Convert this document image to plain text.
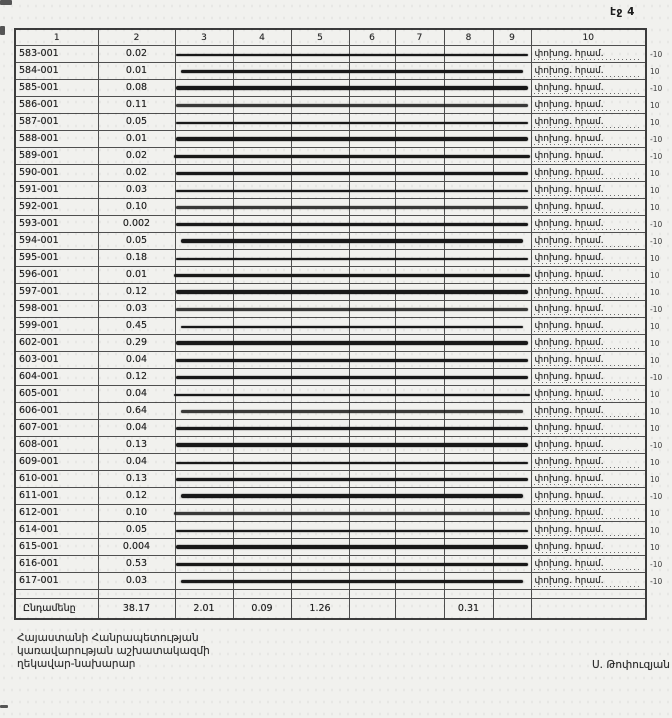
էջ 4
1	2	3	4	5	6	7	8	9	10
583-001	0.02								փոխոց. հրամ.
584-001	0.01								փոխոց. հրամ.
585-001	0.08								փոխոց. հրամ.
586-001	0.11								փոխոց. հրամ.
587-001	0.05								փոխոց. հրամ.
588-001	0.01								փոխոց. հրամ.
589-001	0.02								փոխոց. հրամ.
590-001	0.02								փոխոց. հրամ.
591-001	0.03								փոխոց. հրամ.
592-001	0.10								փոխոց. հրամ.
593-001	0.002								փոխոց. հրամ.
594-001	0.05								փոխոց. հրամ.
595-001	0.18								փոխոց. հրամ.
596-001	0.01								փոխոց. հրամ.
597-001	0.12								փոխոց. հրամ.
598-001	0.03								փոխոց. հրամ.
599-001	0.45								փոխոց. հրամ.
602-001	0.29								փոխոց. հրամ.
603-001	0.04								փոխոց. հրամ.
604-001	0.12								փոխոց. հրամ.
605-001	0.04								փոխոց. հրամ.
606-001	0.64								փոխոց. հրամ.
607-001	0.04								փոխոց. հրամ.
608-001	0.13								փոխոց. հրամ.
609-001	0.04								փոխոց. հրամ.
610-001	0.13								փոխոց. հրամ.
611-001	0.12								փոխոց. հրամ.
612-001	0.10								փոխոց. հրամ.
614-001	0.05								փոխոց. հրամ.
615-001	0.004								փոխոց. հրամ.
616-001	0.53								փոխոց. հրամ.
617-001	0.03								փոխոց. հրամ.

Ընդամենը	38.17	2.01	0.09	1.26			0.31		
-10
10
-10
10
10
-10
-10
10
10
10
-10
-10
10
10
10
-10
10
10
10
-10
10
10
10
-10
10
10
-10
10
10
10
-10
-10
Հայաստանի Հանրապետության
կառավարության աշխատակազմի
ղեկավար-նախարար	Ս. Թոփուզյան
